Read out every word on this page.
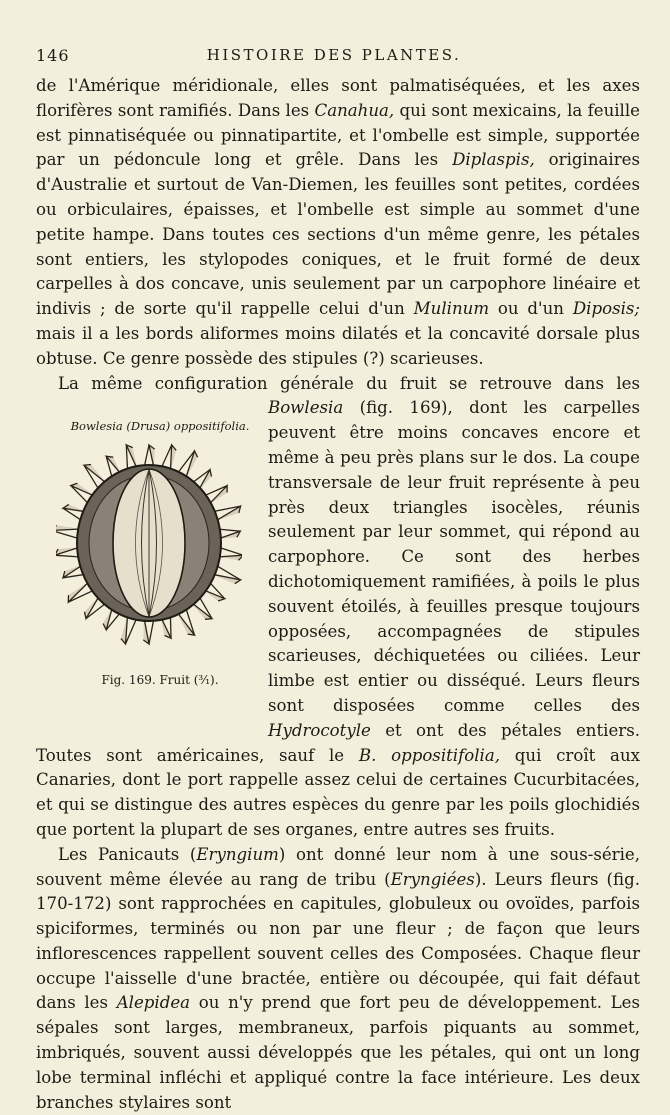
146	HISTOIRE DES PLANTES.

de l'Amérique méridionale, elles sont palmatiséquées, et les axes florifères sont ramifiés. Dans les Canahua, qui sont mexicains, la feuille est pinnatiséquée ou pinnatipartite, et l'ombelle est simple, supportée par un pédoncule long et grêle. Dans les Diplaspis, originaires d'Australie et surtout de Van-Diemen, les feuilles sont petites, cordées ou orbiculaires, épaisses, et l'ombelle est simple au sommet d'une petite hampe. Dans toutes ces sections d'un même genre, les pétales sont entiers, les stylopodes coniques, et le fruit formé de deux carpelles à dos concave, unis seulement par un carpophore linéaire et indivis ; de sorte qu'il rappelle celui d'un Mulinum ou d'un Diposis; mais il a les bords aliformes moins dilatés et la concavité dorsale plus obtuse. Ce genre possède des stipules (?) scarieuses.

La même configuration générale du fruit se retrouve dans les Bowlesia
Bowlesia (Drusa) oppositifolia.
Fig. 169. Fruit (³⁄₁).
(fig. 169), dont les carpelles peuvent être moins concaves encore et même à peu près plans sur le dos. La coupe transversale de leur fruit représente à peu près deux triangles isocèles, réunis seulement par leur sommet, qui répond au carpophore. Ce sont des herbes dichotomiquement ramifiées, à poils le plus souvent étoilés, à feuilles presque toujours opposées, accompagnées de stipules scarieuses, déchiquetées ou ciliées. Leur limbe est entier ou disséqué. Leurs fleurs sont disposées comme celles des Hydrocotyle et ont des pétales entiers. Toutes sont américaines, sauf le B. oppositifolia, qui croît aux Canaries, dont le port rappelle assez celui de certaines Cucurbitacées, et qui se distingue des autres espèces du genre par les poils glochidiés que portent la plupart de ses organes, entre autres ses fruits.

Les Panicauts (Eryngium) ont donné leur nom à une sous-série, souvent même élevée au rang de tribu (Eryngiées). Leurs fleurs (fig. 170-172) sont rapprochées en capitules, globuleux ou ovoïdes, parfois spiciformes, terminés ou non par une fleur ; de façon que leurs inflorescences rappellent souvent celles des Composées. Chaque fleur occupe l'aisselle d'une bractée, entière ou découpée, qui fait défaut dans les Alepidea ou n'y prend que fort peu de développement. Les sépales sont larges, membraneux, parfois piquants au sommet, imbriqués, souvent aussi développés que les pétales, qui ont un long lobe terminal infléchi et appliqué contre la face intérieure. Les deux branches stylaires sont
